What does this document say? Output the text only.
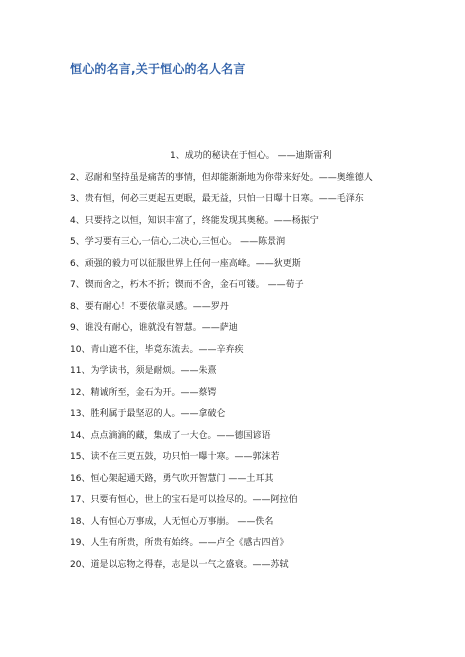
恒心的名言,关于恒心的名人名言
1、成功的秘诀在于恒心。 ——迪斯雷利
2、忍耐和坚持虽是痛苦的事情，但却能渐渐地为你带来好处。——奥维德人
3、贵有恒，何必三更起五更眠，最无益，只怕一日曝十日寒。——毛泽东
4、只要持之以恒，知识丰富了，终能发现其奥秘。——杨振宁
5、学习要有三心,一信心,二决心,三恒心。 ——陈景润
6、顽强的毅力可以征服世界上任何一座高峰。——狄更斯
7、锲而舍之，朽木不折；锲而不舍，金石可镂。 ——荀子
8、要有耐心！不要依靠灵感。——罗丹
9、谁没有耐心，谁就没有智慧。——萨迪
10、青山遮不住，毕竟东流去。——辛弃疾
11、为学读书，须是耐烦。——朱熹
12、精诚所至，金石为开。——蔡锷
13、胜利属于最坚忍的人。——拿破仑
14、点点滴滴的藏，集成了一大仓。——德国谚语
15、读不在三更五鼓，功只怕一曝十寒。——郭沫若
16、恒心架起通天路，勇气吹开智慧门 ——土耳其
17、只要有恒心，世上的宝石是可以捡尽的。——阿拉伯
18、人有恒心万事成，人无恒心万事崩。 ——佚名
19、人生有所贵，所贵有始终。——卢仝《感古四首》
20、道是以忘物之得春，志是以一气之盛衰。——苏轼
